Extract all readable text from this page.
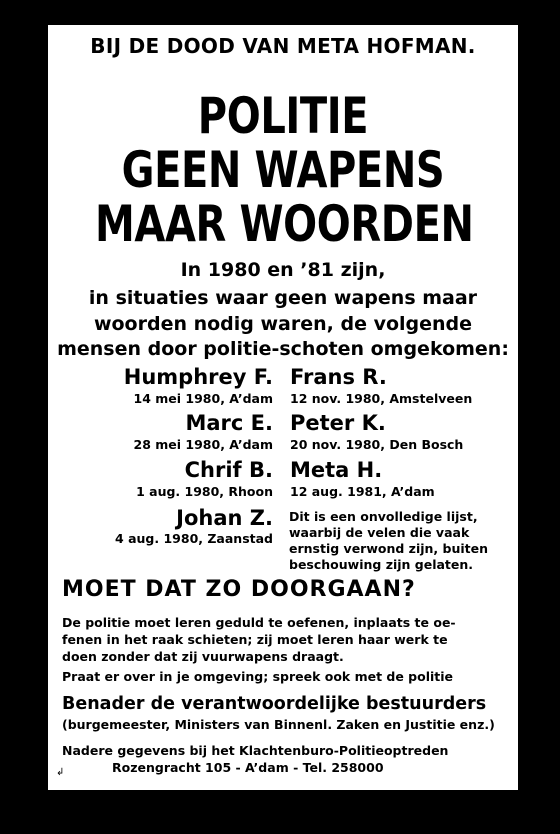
BIJ DE DOOD VAN META HOFMAN.
POLITIE
GEEN WAPENS
MAAR WOORDEN
In 1980 en ’81 zijn,
in situaties waar geen wapens maar
woorden nodig waren, de volgende
mensen door politie-schoten omgekomen:
Humphrey F.
14 mei 1980, A’dam
Frans R.
12 nov. 1980, Amstelveen
Marc E.
28 mei 1980, A’dam
Peter K.
20 nov. 1980, Den Bosch
Chrif B.
1 aug. 1980, Rhoon
Meta H.
12 aug. 1981, A’dam
Johan Z.
4 aug. 1980, Zaanstad
Dit is een onvolledige lijst,
waarbij de velen die vaak
ernstig verwond zijn, buiten
beschouwing zijn gelaten.
MOET DAT ZO DOORGAAN?
De politie moet leren geduld te oefenen, inplaats te oe-
fenen in het raak schieten; zij moet leren haar werk te
doen zonder dat zij vuurwapens draagt.
Praat er over in je omgeving; spreek ook met de politie
Benader de verantwoordelijke bestuurders
(burgemeester, Ministers van Binnenl. Zaken en Justitie enz.)
Nadere gegevens bij het Klachtenburo-Politieoptreden
Rozengracht 105 - A’dam - Tel. 258000
↲
